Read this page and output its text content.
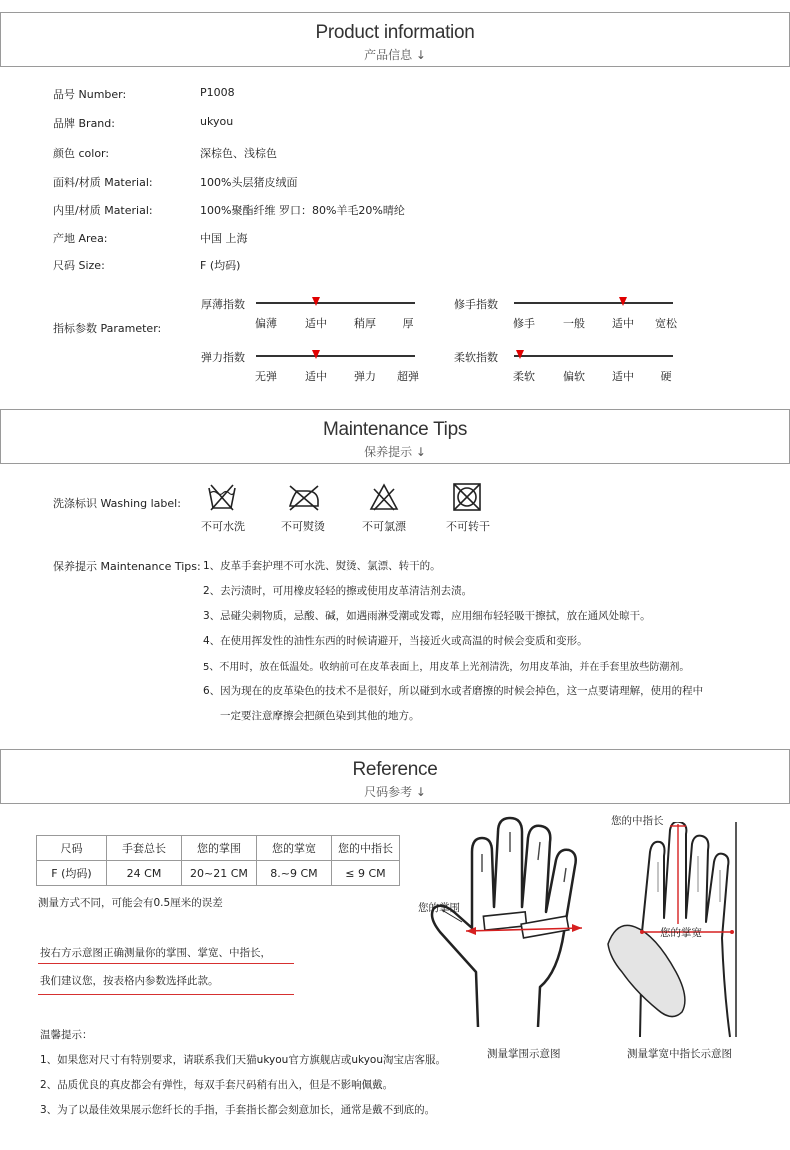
Product information
产品信息 ↓
品号 Number:	P1008
品牌 Brand:	ukyou
颜色 color:	深棕色、浅棕色
面料/材质 Material:	100%头层猪皮绒面
内里/材质 Material:	100%聚酯纤维 罗口：80%羊毛20%晴纶
产地 Area:	中国 上海
尺码 Size:	F (均码)
指标参数 Parameter:
厚薄指数
偏薄	适中 稍厚 厚
修手指数
修手	一般 适中 宽松
弹力指数
无弹	适中 弹力 超弹
柔软指数
柔软	偏软 适中 硬
Maintenance Tips
保养提示 ↓
洗涤标识 Washing label:
不可水洗	不可熨烫	不可氯漂	不可转干
保养提示 Maintenance Tips: 1、皮革手套护理不可水洗、熨烫、氯漂、转干的。
2、去污渍时，可用橡皮轻轻的擦或使用皮革清洁剂去渍。
3、忌碰尖刺物质，忌酸、碱，如遇雨淋受潮或发霉，应用细布轻轻吸干擦拭，放在通风处晾干。
4、在使用挥发性的油性东西的时候请避开，当接近火或高温的时候会变质和变形。
5、不用时，放在低温处。收纳前可在皮革表面上，用皮革上光剂清洗，勿用皮革油，并在手套里放些防潮剂。
6、因为现在的皮革染色的技术不是很好，所以碰到水或者磨擦的时候会掉色，这一点要请理解，使用的程中
一定要注意摩擦会把颜色染到其他的地方。
Reference
尺码参考 ↓
尺码	手套总长	您的掌围	您的掌宽	您的中指长
F (均码)	24 CM	20~21 CM	8.~9 CM	≤ 9 CM
测量方式不同，可能会有0.5厘米的误差
按右方示意图正确测量你的掌围、掌宽、中指长，
我们建议您，按表格内参数选择此款。
温馨提示：
1、如果您对尺寸有特别要求，请联系我们天猫ukyou官方旗舰店或ukyou淘宝店客服。
2、品质优良的真皮都会有弹性，每双手套尺码稍有出入，但是不影响佩戴。
3、为了以最佳效果展示您纤长的手指，手套指长都会刻意加长，通常是戴不到底的。
您的掌围
测量掌围示意图
您的中指长
您的掌宽
测量掌宽中指长示意图
